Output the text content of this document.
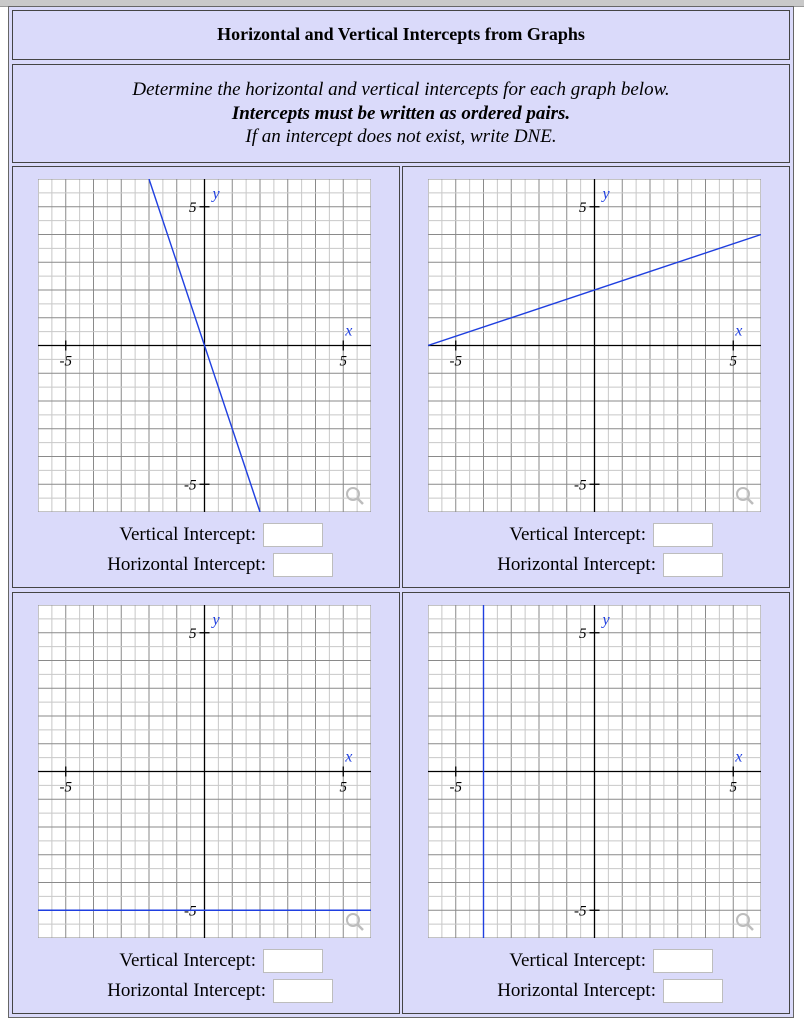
Horizontal and Vertical Intercepts from Graphs
Determine the horizontal and vertical intercepts for each graph below.
Intercepts must be written as ordered pairs.
If an intercept does not exist, write DNE.
5
-5
5
-5
x
y
Vertical Intercept:
Horizontal Intercept:
5
-5
5
-5
x
y
Vertical Intercept:
Horizontal Intercept:
5
-5
5
-5
x
y
Vertical Intercept:
Horizontal Intercept:
5
-5
5
-5
x
y
Vertical Intercept:
Horizontal Intercept:
